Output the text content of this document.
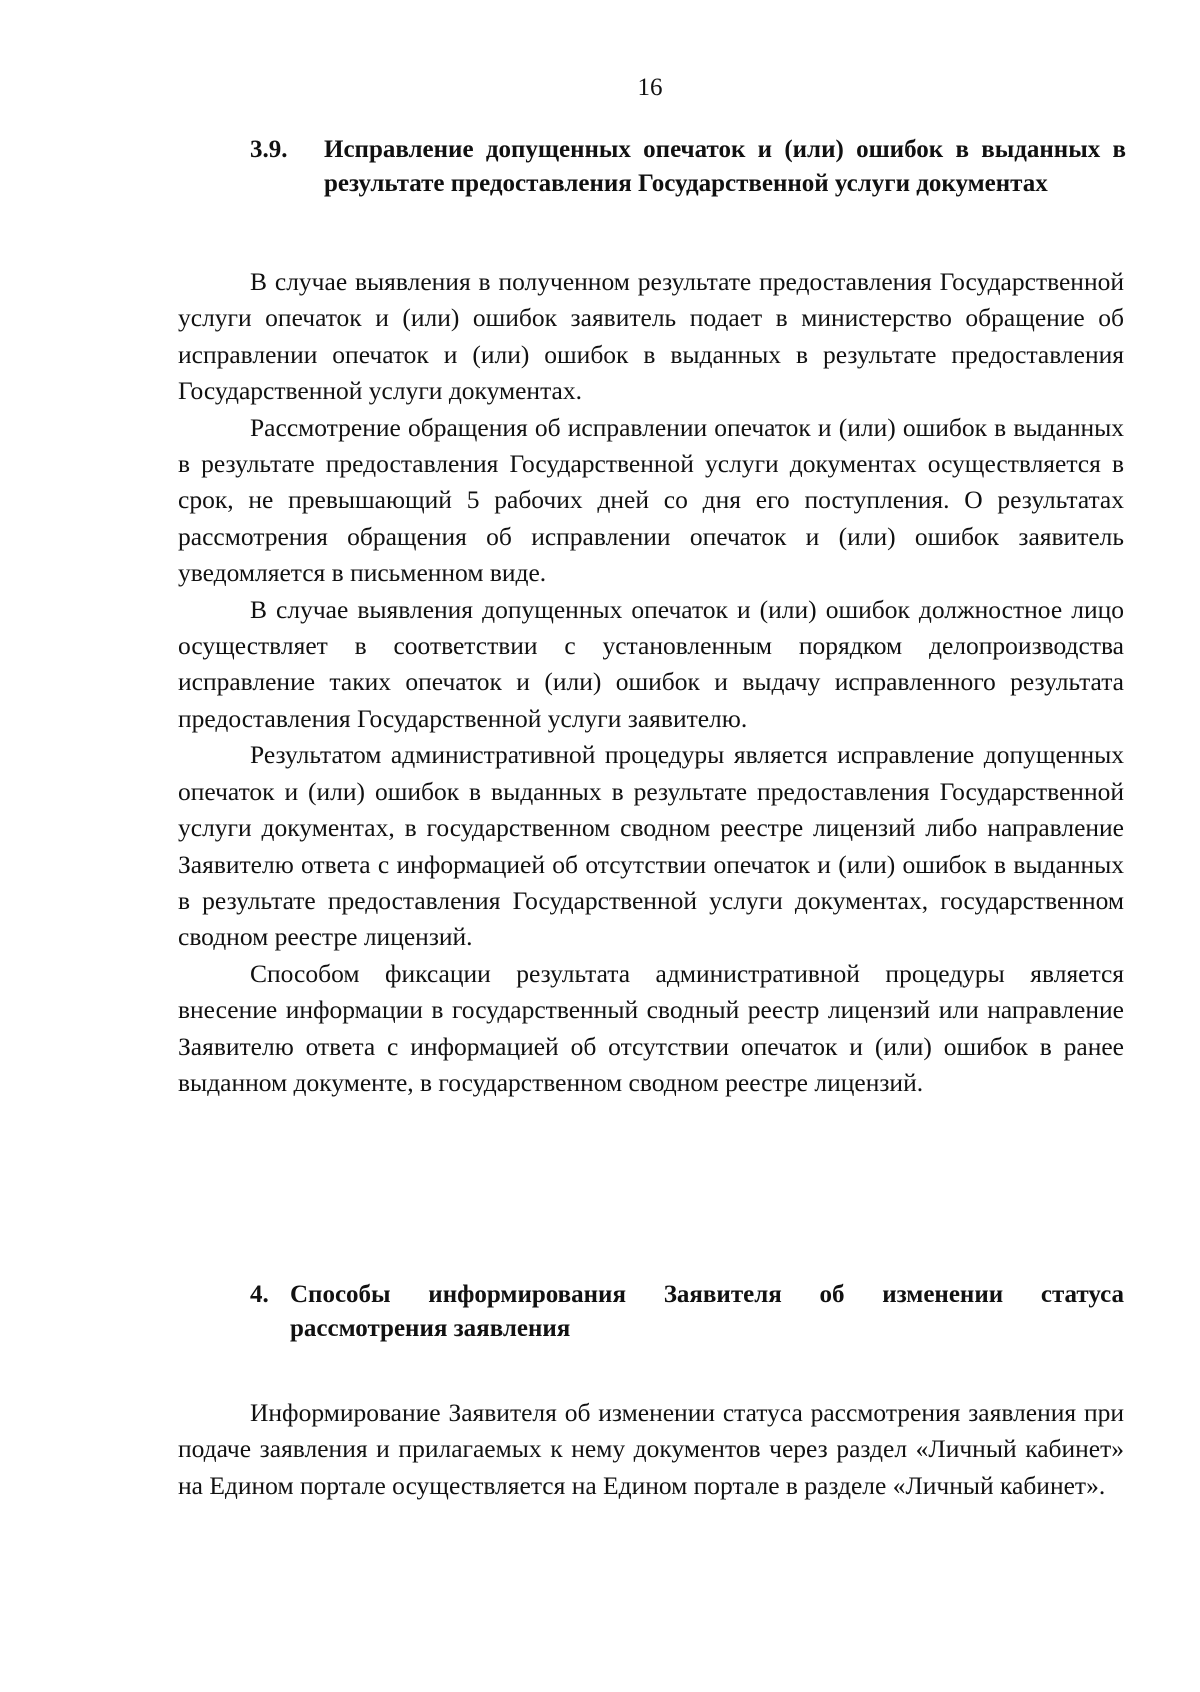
16
3.9. Исправление допущенных опечаток и (или) ошибок в выданных в результате предоставления Государственной услуги документах

В случае выявления в полученном результате предоставления Государственной услуги опечаток и (или) ошибок заявитель подает в министерство обращение об исправлении опечаток и (или) ошибок в выданных в результате предоставления Государственной услуги документах.

Рассмотрение обращения об исправлении опечаток и (или) ошибок в выданных в результате предоставления Государственной услуги документах осуществляется в срок, не превышающий 5 рабочих дней со дня его поступления. О результатах рассмотрения обращения об исправлении опечаток и (или) ошибок заявитель уведомляется в письменном виде.

В случае выявления допущенных опечаток и (или) ошибок должностное лицо осуществляет в соответствии с установленным порядком делопроизводства исправление таких опечаток и (или) ошибок и выдачу исправленного результата предоставления Государственной услуги заявителю.

Результатом административной процедуры является исправление допущенных опечаток и (или) ошибок в выданных в результате предоставления Государственной услуги документах, в государственном сводном реестре лицензий либо направление Заявителю ответа с информацией об отсутствии опечаток и (или) ошибок в выданных в результате предоставления Государственной услуги документах, государственном сводном реестре лицензий.

Способом фиксации результата административной процедуры является внесение информации в государственный сводный реестр лицензий или направление Заявителю ответа с информацией об отсутствии опечаток и (или) ошибок в ранее выданном документе, в государственном сводном реестре лицензий.

4. Способы информирования Заявителя об изменении статуса рассмотрения заявления

Информирование Заявителя об изменении статуса рассмотрения заявления при подаче заявления и прилагаемых к нему документов через раздел «Личный кабинет» на Едином портале осуществляется на Едином портале в разделе «Личный кабинет».
